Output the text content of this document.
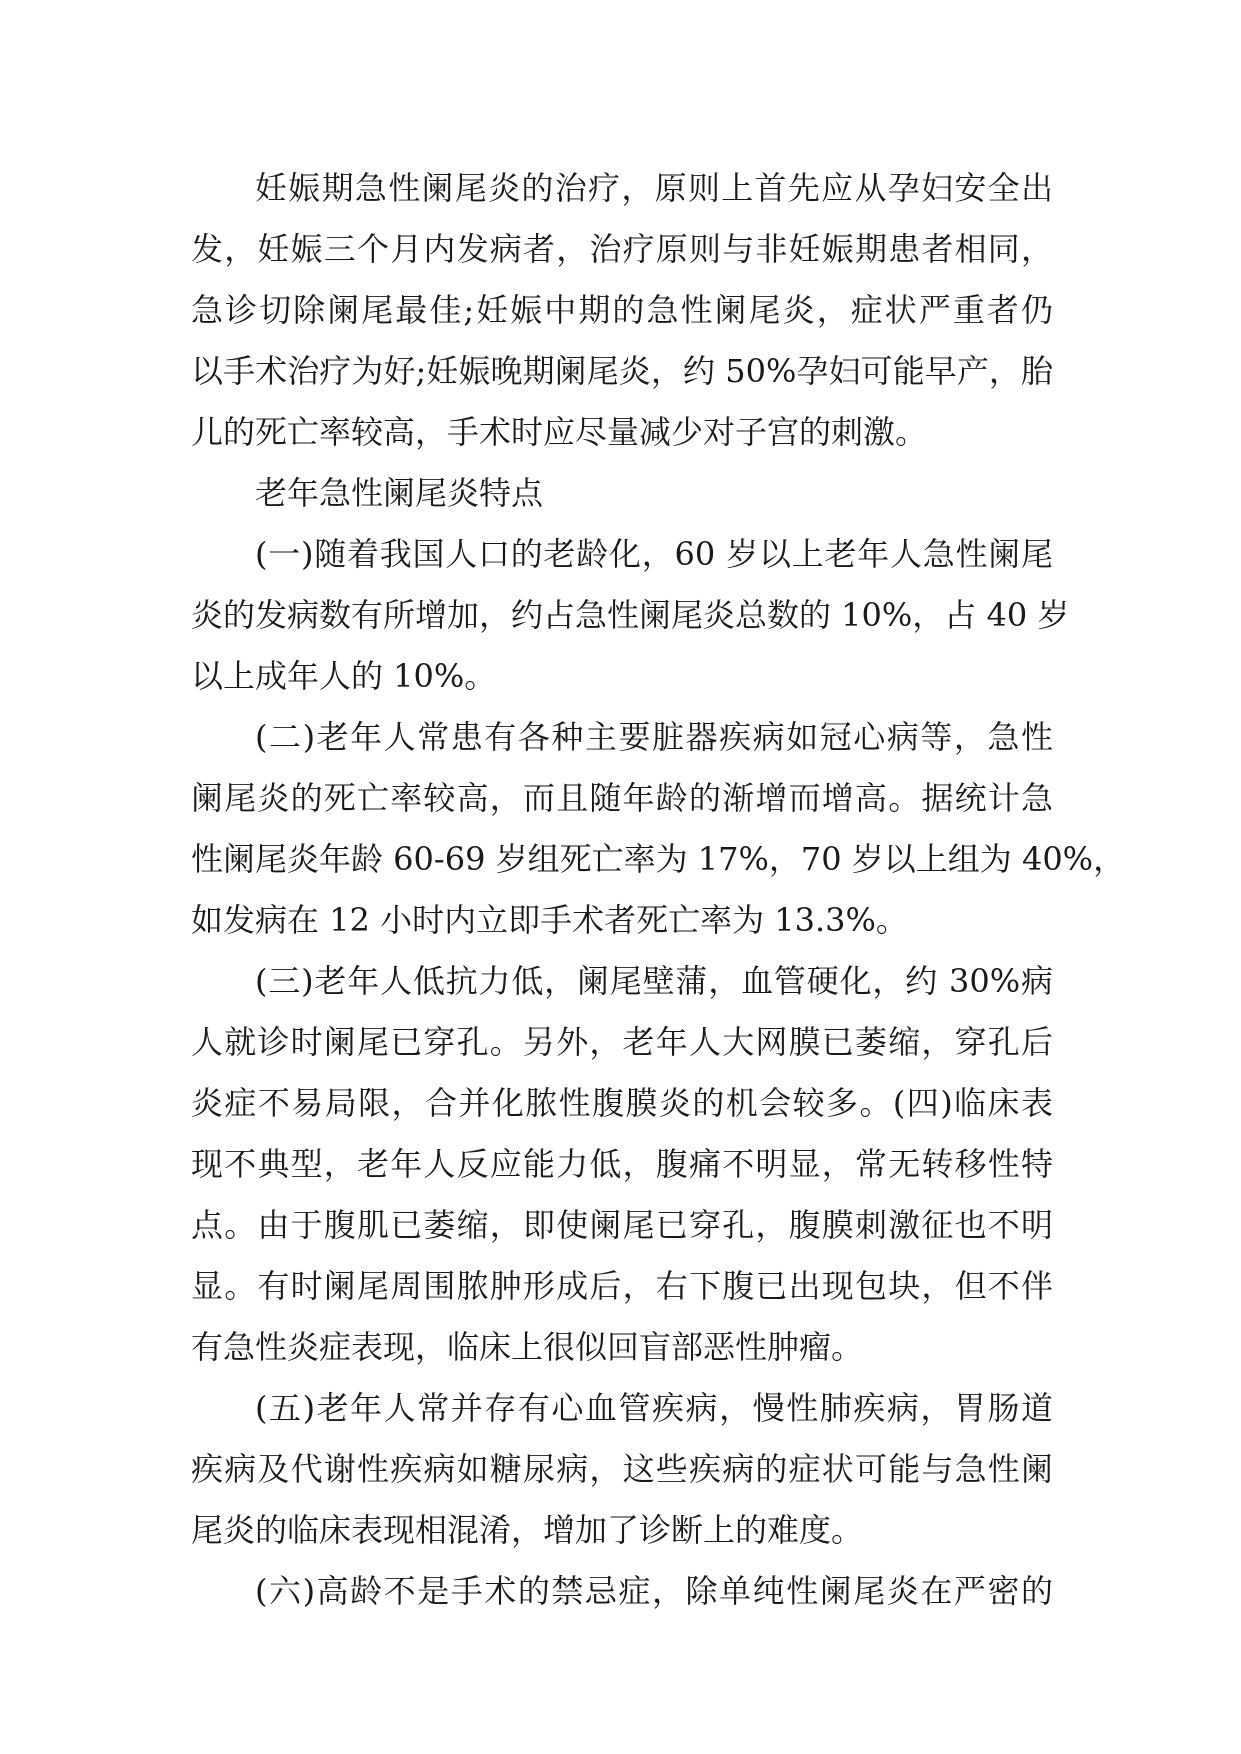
妊娠期急性阑尾炎的治疗，原则上首先应从孕妇安全出
发，妊娠三个月内发病者，治疗原则与非妊娠期患者相同，
急诊切除阑尾最佳;妊娠中期的急性阑尾炎，症状严重者仍
以手术治疗为好;妊娠晚期阑尾炎，约 50%孕妇可能早产，胎
儿的死亡率较高，手术时应尽量减少对子宫的刺激。
老年急性阑尾炎特点
(一)随着我国人口的老龄化，60 岁以上老年人急性阑尾
炎的发病数有所增加，约占急性阑尾炎总数的 10%，占 40 岁
以上成年人的 10%。
(二)老年人常患有各种主要脏器疾病如冠心病等，急性
阑尾炎的死亡率较高，而且随年龄的渐增而增高。据统计急
性阑尾炎年龄 60-69 岁组死亡率为 17%，70 岁以上组为 40%，
如发病在 12 小时内立即手术者死亡率为 13.3%。
(三)老年人低抗力低，阑尾壁蒲，血管硬化，约 30%病
人就诊时阑尾已穿孔。另外，老年人大网膜已萎缩，穿孔后
炎症不易局限，合并化脓性腹膜炎的机会较多。(四)临床表
现不典型，老年人反应能力低，腹痛不明显，常无转移性特
点。由于腹肌已萎缩，即使阑尾已穿孔，腹膜刺激征也不明
显。有时阑尾周围脓肿形成后，右下腹已出现包块，但不伴
有急性炎症表现，临床上很似回盲部恶性肿瘤。
(五)老年人常并存有心血管疾病，慢性肺疾病，胃肠道
疾病及代谢性疾病如糖尿病，这些疾病的症状可能与急性阑
尾炎的临床表现相混淆，增加了诊断上的难度。
(六)高龄不是手术的禁忌症，除单纯性阑尾炎在严密的
